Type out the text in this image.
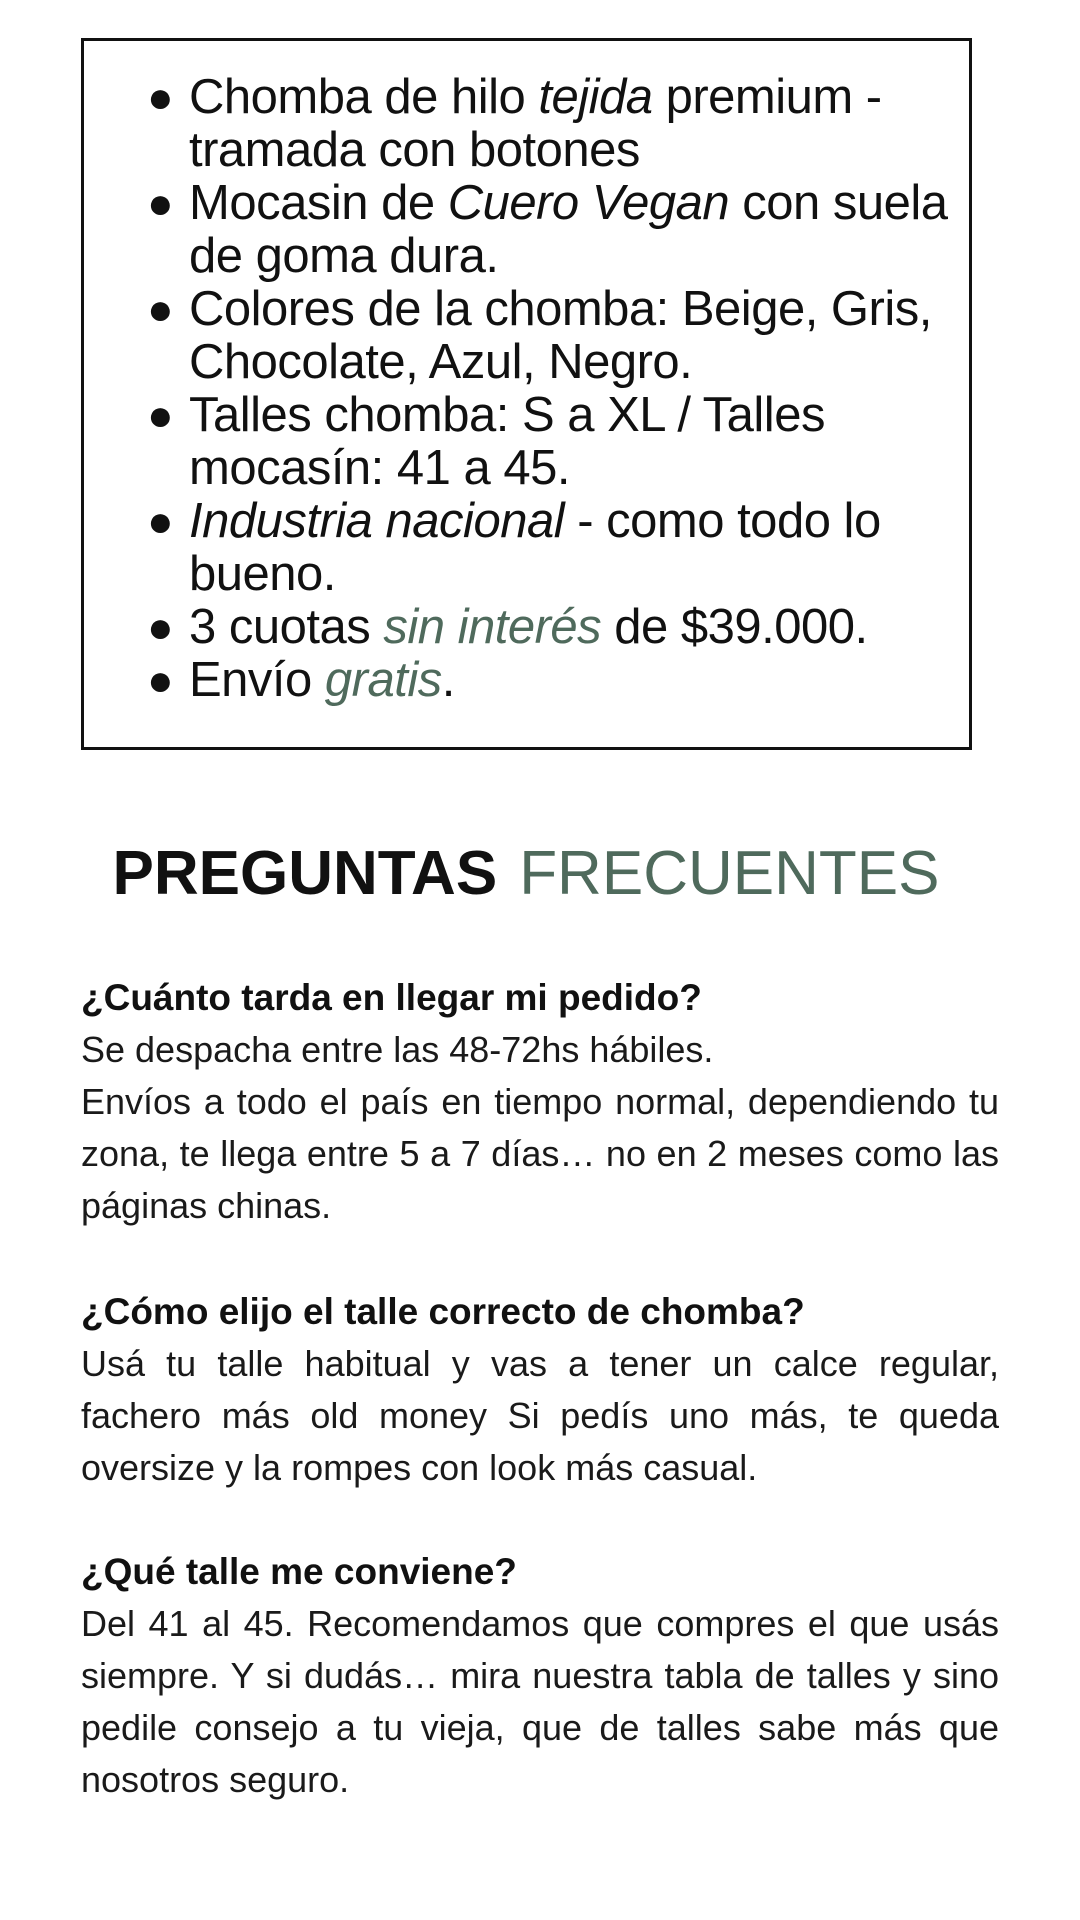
● Chomba de hilo tejida premium - tramada con botones
● Mocasin de Cuero Vegan con suela de goma dura.
● Colores de la chomba: Beige, Gris, Chocolate, Azul, Negro.
● Talles chomba: S a XL / Talles mocasín: 41 a 45.
● Industria nacional - como todo lo bueno.
● 3 cuotas sin interés de $39.000.
● Envío gratis.
PREGUNTAS FRECUENTES

¿Cuánto tarda en llegar mi pedido?

Se despacha entre las 48-72hs hábiles.
Envíos a todo el país en tiempo normal, dependiendo tu zona, te llega entre 5 a 7 días… no en 2 meses como las páginas chinas.

¿Cómo elijo el talle correcto de chomba?

Usá tu talle habitual y vas a tener un calce regular, fachero más old money Si pedís uno más, te queda oversize y la rompes con look más casual.

¿Qué talle me conviene?

Del 41 al 45. Recomendamos que compres el que usás siempre. Y si dudás… mira nuestra tabla de talles y sino pedile consejo a tu vieja, que de talles sabe más que nosotros seguro.
